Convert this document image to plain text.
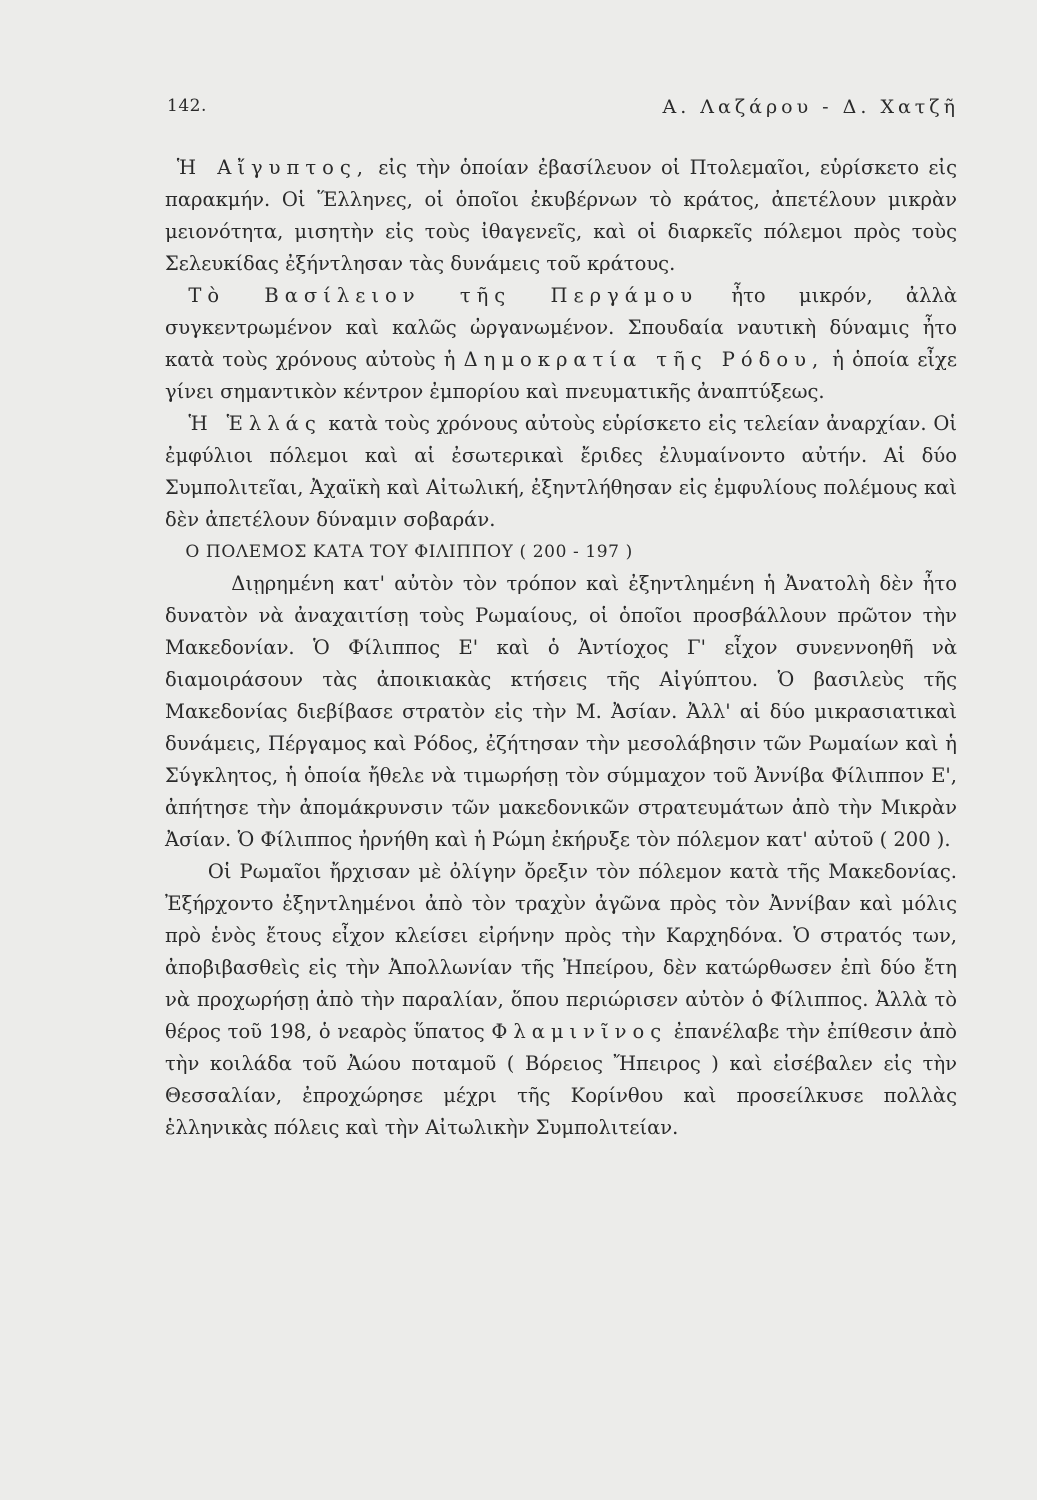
142.	Α. Λαζάρου - Δ. Χατζῆ

Ἡ Αἴγυπτος, εἰς τὴν ὁποίαν ἐβασίλευον οἱ Πτολεμαῖοι, εὑρίσκετο εἰς παρακμήν. Οἱ Ἕλληνες, οἱ ὁποῖοι ἐκυβέρνων τὸ κράτος, ἀπετέλουν μικρὰν μειονότητα, μισητὴν εἰς τοὺς ἰθαγενεῖς, καὶ οἱ διαρκεῖς πόλεμοι πρὸς τοὺς Σελευκίδας ἐξήντλησαν τὰς δυνάμεις τοῦ κράτους.

Τὸ Βασίλειον τῆς Περγάμου ἦτο μικρόν, ἀλλὰ συγκεντρωμένον καὶ καλῶς ὠργανωμένον. Σπουδαία ναυτικὴ δύναμις ἦτο κατὰ τοὺς χρόνους αὐτοὺς ἡ Δημοκρατία τῆς Ρόδου, ἡ ὁποία εἶχε γίνει σημαντικὸν κέντρον ἐμπορίου καὶ πνευματικῆς ἀναπτύξεως.

Ἡ Ἑλλάς κατὰ τοὺς χρόνους αὐτοὺς εὑρίσκετο εἰς τελείαν ἀναρχίαν. Οἱ ἐμφύλιοι πόλεμοι καὶ αἱ ἐσωτερικαὶ ἔριδες ἐλυμαίνοντο αὐτήν. Αἱ δύο Συμπολιτεῖαι, Ἀχαϊκὴ καὶ Αἰτωλική, ἐξηντλήθησαν εἰς ἐμφυλίους πολέμους καὶ δὲν ἀπετέλουν δύναμιν σοβαράν.

Ο ΠΟΛΕΜΟΣ ΚΑΤΑ ΤΟΥ ΦΙΛΙΠΠΟΥ ( 200 - 197 )

Διῃρημένη κατ' αὐτὸν τὸν τρόπον καὶ ἐξηντλημένη ἡ Ἀνατολὴ δὲν ἦτο δυνατὸν νὰ ἀναχαιτίσῃ τοὺς Ρωμαίους, οἱ ὁποῖοι προσβάλλουν πρῶτον τὴν Μακεδονίαν. Ὁ Φίλιππος Ε' καὶ ὁ Ἀντίοχος Γ' εἶχον συνεννοηθῆ νὰ διαμοιράσουν τὰς ἀποικιακὰς κτήσεις τῆς Αἰγύπτου. Ὁ βασιλεὺς τῆς Μακεδονίας διεβίβασε στρατὸν εἰς τὴν Μ. Ἀσίαν. Ἀλλ' αἱ δύο μικρασιατικαὶ δυνάμεις, Πέργαμος καὶ Ρόδος, ἐζήτησαν τὴν μεσολάβησιν τῶν Ρωμαίων καὶ ἡ Σύγκλητος, ἡ ὁποία ἤθελε νὰ τιμωρήσῃ τὸν σύμμαχον τοῦ Ἀννίβα Φίλιππον Ε', ἀπήτησε τὴν ἀπομάκρυνσιν τῶν μακεδονικῶν στρατευμάτων ἀπὸ τὴν Μικρὰν Ἀσίαν. Ὁ Φίλιππος ἠρνήθη καὶ ἡ Ρώμη ἐκήρυξε τὸν πόλεμον κατ' αὐτοῦ ( 200 ).

Οἱ Ρωμαῖοι ἤρχισαν μὲ ὀλίγην ὄρεξιν τὸν πόλεμον κατὰ τῆς Μακεδονίας. Ἐξήρχοντο ἐξηντλημένοι ἀπὸ τὸν τραχὺν ἀγῶνα πρὸς τὸν Ἀννίβαν καὶ μόλις πρὸ ἑνὸς ἔτους εἶχον κλείσει εἰρήνην πρὸς τὴν Καρχηδόνα. Ὁ στρατός των, ἀποβιβασθεὶς εἰς τὴν Ἀπολλωνίαν τῆς Ἠπείρου, δὲν κατώρθωσεν ἐπὶ δύο ἔτη νὰ προχωρήσῃ ἀπὸ τὴν παραλίαν, ὅπου περιώρισεν αὐτὸν ὁ Φίλιππος. Ἀλλὰ τὸ θέρος τοῦ 198, ὁ νεαρὸς ὕπατος Φλαμινῖνος ἐπανέλαβε τὴν ἐπίθεσιν ἀπὸ τὴν κοιλάδα τοῦ Ἀώου ποταμοῦ ( Βόρειος Ἤπειρος ) καὶ εἰσέβαλεν εἰς τὴν Θεσσαλίαν, ἐπροχώρησε μέχρι τῆς Κορίνθου καὶ προσείλκυσε πολλὰς ἑλληνικὰς πόλεις καὶ τὴν Αἰτωλικὴν Συμπολιτείαν.
